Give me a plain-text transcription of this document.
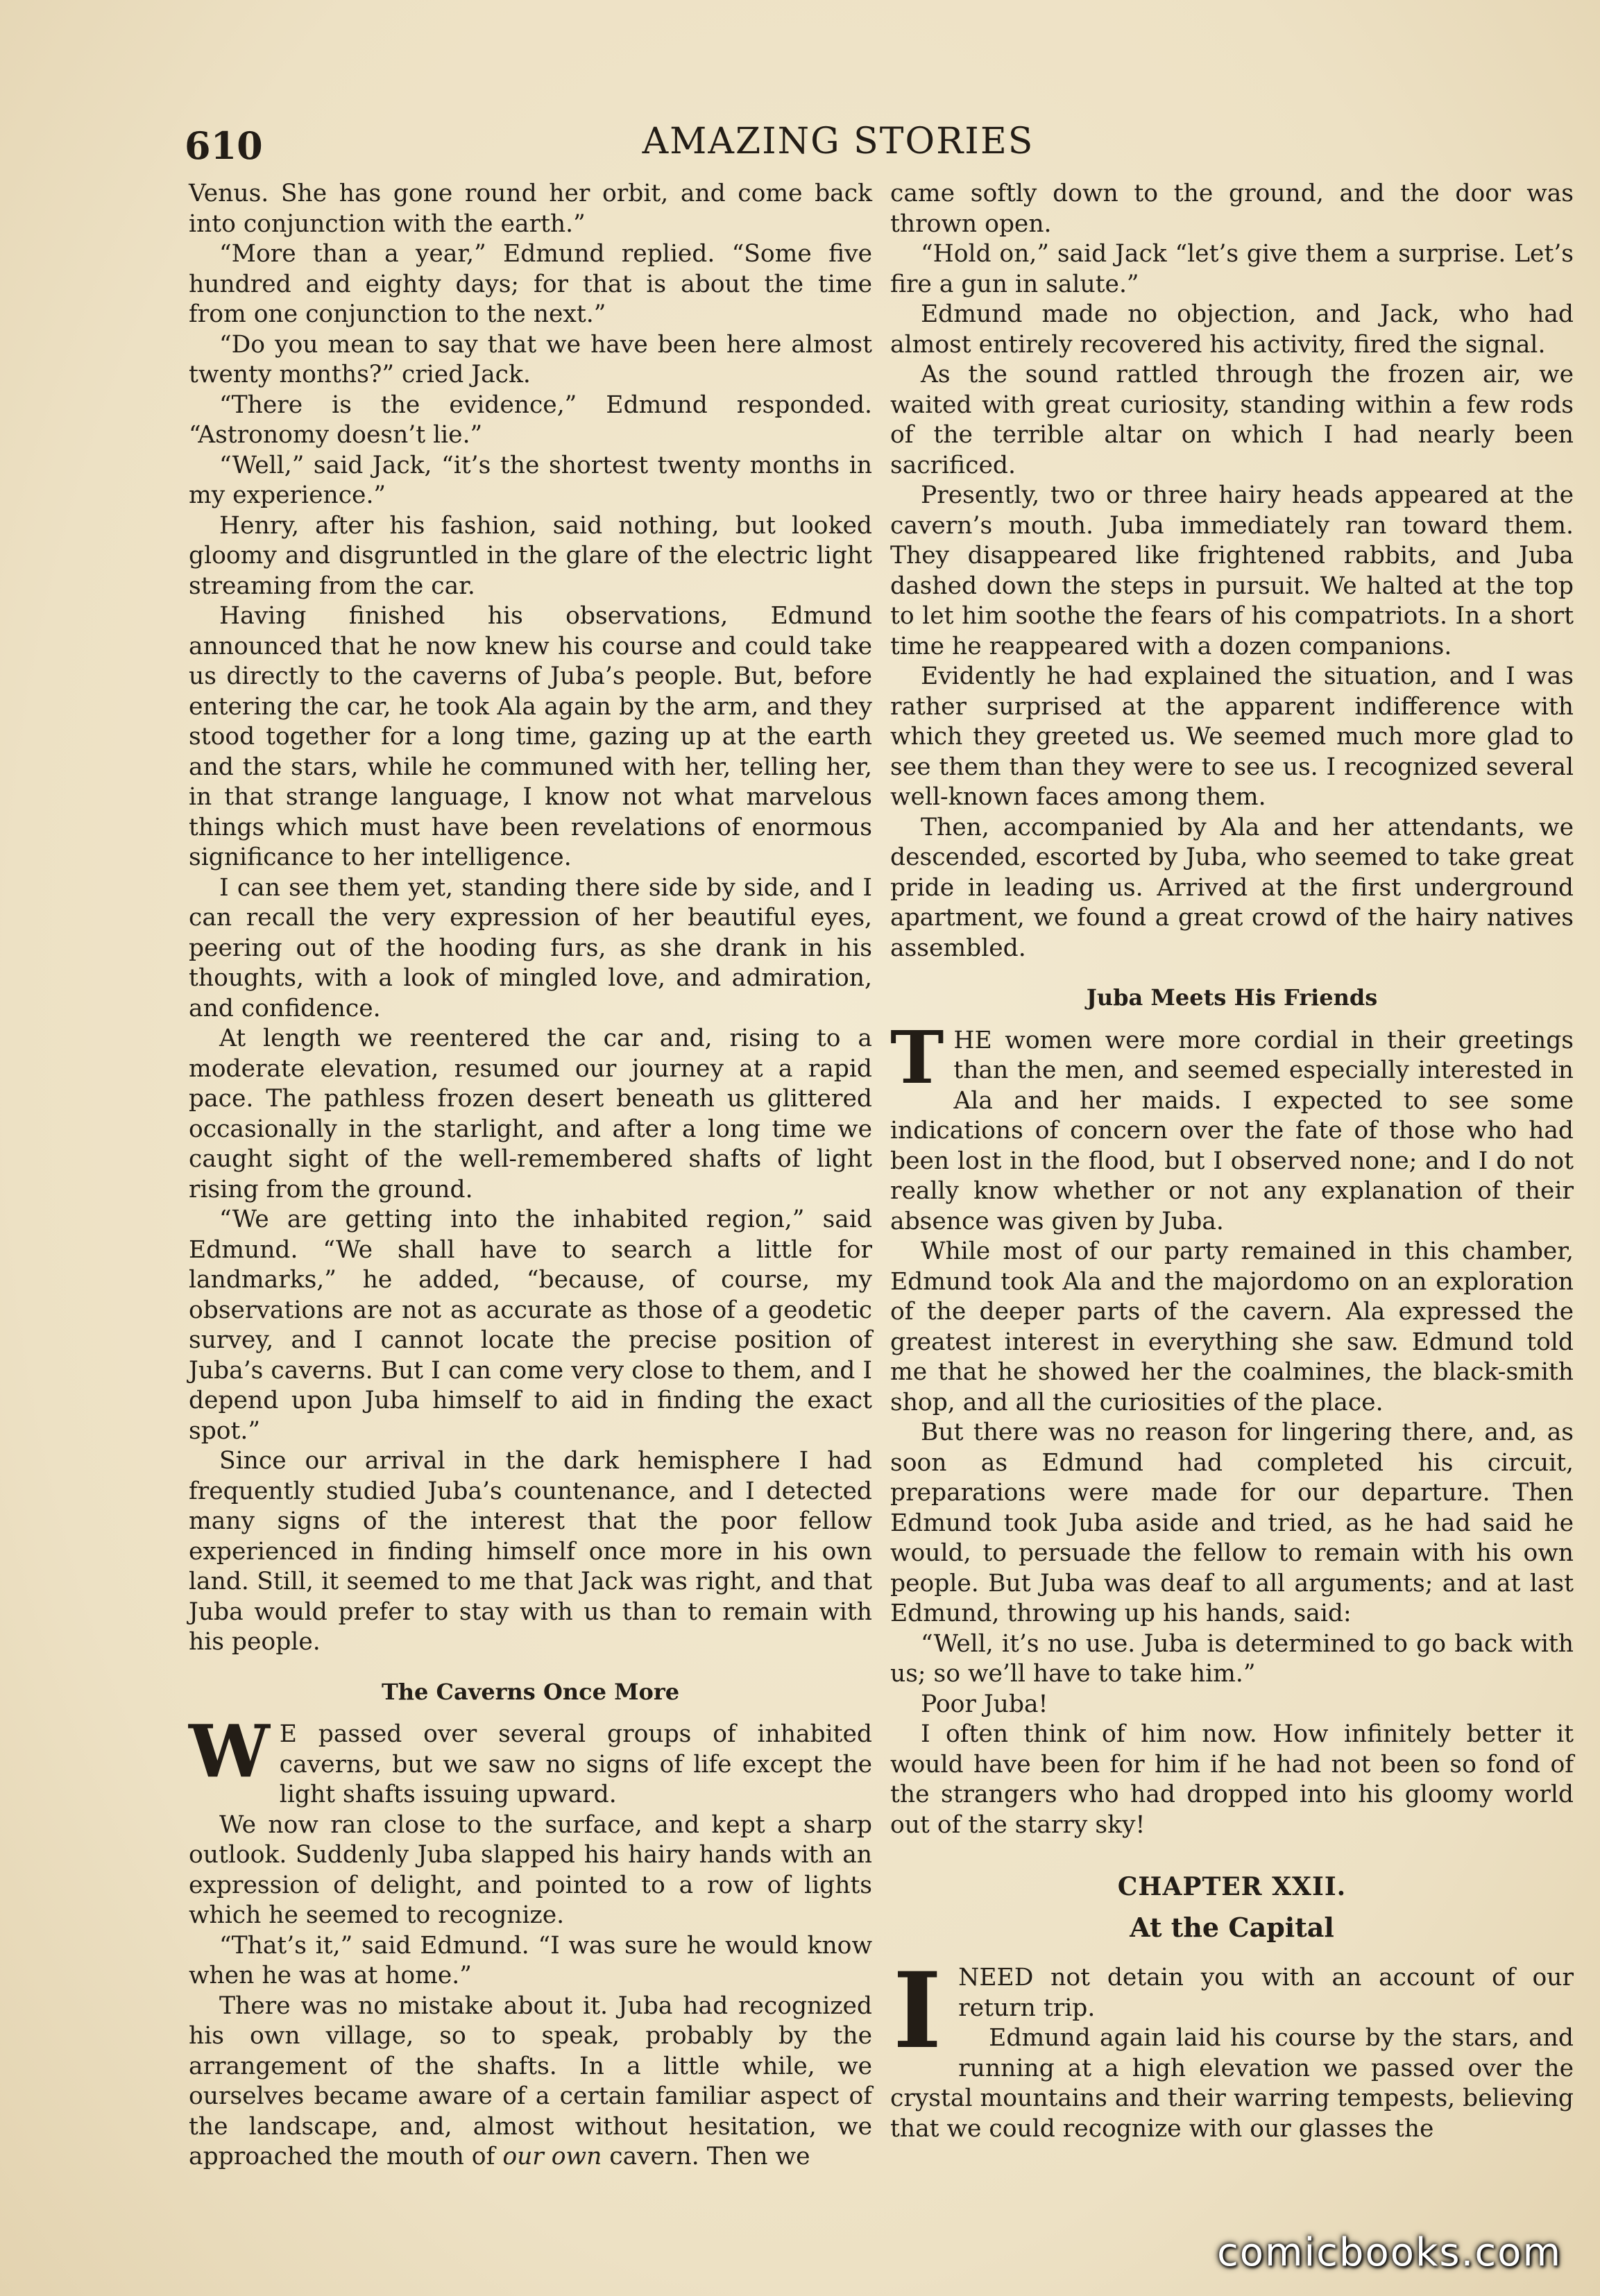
610	AMAZING STORIES

Venus. She has gone round her orbit, and come back into conjunction with the earth.”

“More than a year,” Edmund replied. “Some five hundred and eighty days; for that is about the time from one conjunction to the next.”

“Do you mean to say that we have been here almost twenty months?” cried Jack.

“There is the evidence,” Edmund responded. “Astronomy doesn’t lie.”

“Well,” said Jack, “it’s the shortest twenty months in my experience.”

Henry, after his fashion, said nothing, but looked gloomy and disgruntled in the glare of the electric light streaming from the car.

Having finished his observations, Edmund announced that he now knew his course and could take us directly to the caverns of Juba’s people. But, before entering the car, he took Ala again by the arm, and they stood together for a long time, gazing up at the earth and the stars, while he communed with her, telling her, in that strange language, I know not what marvelous things which must have been revelations of enormous significance to her intelligence.

I can see them yet, standing there side by side, and I can recall the very expression of her beautiful eyes, peering out of the hooding furs, as she drank in his thoughts, with a look of mingled love, and admiration, and confidence.

At length we reentered the car and, rising to a moderate elevation, resumed our journey at a rapid pace. The pathless frozen desert beneath us glittered occasionally in the starlight, and after a long time we caught sight of the well-remembered shafts of light rising from the ground.

“We are getting into the inhabited region,” said Edmund. “We shall have to search a little for landmarks,” he added, “because, of course, my observations are not as accurate as those of a geodetic survey, and I cannot locate the precise position of Juba’s caverns. But I can come very close to them, and I depend upon Juba himself to aid in finding the exact spot.”

Since our arrival in the dark hemisphere I had frequently studied Juba’s countenance, and I detected many signs of the interest that the poor fellow experienced in finding himself once more in his own land. Still, it seemed to me that Jack was right, and that Juba would prefer to stay with us than to remain with his people.

The Caverns Once More

W E passed over several groups of inhabited caverns, but we saw no signs of life except the light shafts issuing upward.

We now ran close to the surface, and kept a sharp outlook. Suddenly Juba slapped his hairy hands with an expression of delight, and pointed to a row of lights which he seemed to recognize.

“That’s it,” said Edmund. “I was sure he would know when he was at home.”

There was no mistake about it. Juba had recognized his own village, so to speak, probably by the arrangement of the shafts. In a little while, we ourselves became aware of a certain familiar aspect of the landscape, and, almost without hesitation, we approached the mouth of our own cavern. Then we

came softly down to the ground, and the door was thrown open.

“Hold on,” said Jack “let’s give them a surprise. Let’s fire a gun in salute.”

Edmund made no objection, and Jack, who had almost entirely recovered his activity, fired the signal.

As the sound rattled through the frozen air, we waited with great curiosity, standing within a few rods of the terrible altar on which I had nearly been sacrificed.

Presently, two or three hairy heads appeared at the cavern’s mouth. Juba immediately ran toward them. They disappeared like frightened rabbits, and Juba dashed down the steps in pursuit. We halted at the top to let him soothe the fears of his compatriots. In a short time he reappeared with a dozen companions.

Evidently he had explained the situation, and I was rather surprised at the apparent indifference with which they greeted us. We seemed much more glad to see them than they were to see us. I recognized several well-known faces among them.

Then, accompanied by Ala and her attendants, we descended, escorted by Juba, who seemed to take great pride in leading us. Arrived at the first underground apartment, we found a great crowd of the hairy natives assembled.

Juba Meets His Friends

THE women were more cordial in their greetings than the men, and seemed especially interested in Ala and her maids. I expected to see some indications of concern over the fate of those who had been lost in the flood, but I observed none; and I do not really know whether or not any explanation of their absence was given by Juba.

While most of our party remained in this chamber, Edmund took Ala and the majordomo on an exploration of the deeper parts of the cavern. Ala expressed the greatest interest in everything she saw. Edmund told me that he showed her the coalmines, the black-smith shop, and all the curiosities of the place.

But there was no reason for lingering there, and, as soon as Edmund had completed his circuit, preparations were made for our departure. Then Edmund took Juba aside and tried, as he had said he would, to persuade the fellow to remain with his own people. But Juba was deaf to all arguments; and at last Edmund, throwing up his hands, said:

“Well, it’s no use. Juba is determined to go back with us; so we’ll have to take him.”

Poor Juba!

I often think of him now. How infinitely better it would have been for him if he had not been so fond of the strangers who had dropped into his gloomy world out of the starry sky!

CHAPTER XXII.
At the Capital

INEED not detain you with an account of our return trip.

Edmund again laid his course by the stars, and running at a high elevation we passed over the crystal mountains and their warring tempests, believing that we could recognize with our glasses the

comicbooks.com
